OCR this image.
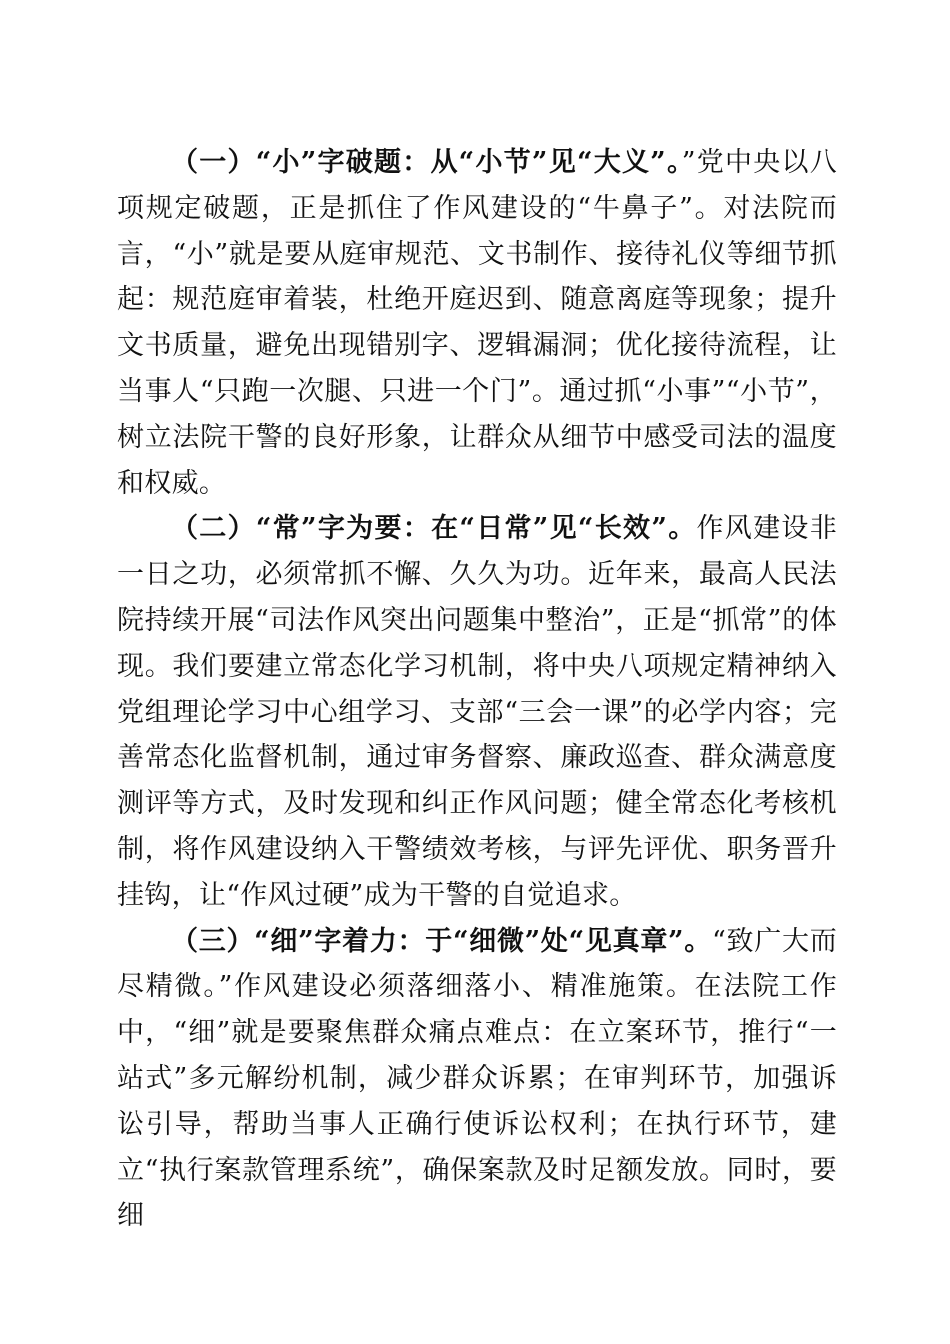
（一）“小”字破题：从“小节”见“大义”。”党中央以八项规定破题，正是抓住了作风建设的“牛鼻子”。对法院而言，“小”就是要从庭审规范、文书制作、接待礼仪等细节抓起：规范庭审着装，杜绝开庭迟到、随意离庭等现象；提升文书质量，避免出现错别字、逻辑漏洞；优化接待流程，让当事人“只跑一次腿、只进一个门”。通过抓“小事”“小节”，树立法院干警的良好形象，让群众从细节中感受司法的温度和权威。

（二）“常”字为要：在“日常”见“长效”。作风建设非一日之功，必须常抓不懈、久久为功。近年来，最高人民法院持续开展“司法作风突出问题集中整治”，正是“抓常”的体现。我们要建立常态化学习机制，将中央八项规定精神纳入党组理论学习中心组学习、支部“三会一课”的必学内容；完善常态化监督机制，通过审务督察、廉政巡查、群众满意度测评等方式，及时发现和纠正作风问题；健全常态化考核机制，将作风建设纳入干警绩效考核，与评先评优、职务晋升挂钩，让“作风过硬”成为干警的自觉追求。

（三）“细”字着力：于“细微”处“见真章”。“致广大而尽精微。”作风建设必须落细落小、精准施策。在法院工作中，“细”就是要聚焦群众痛点难点：在立案环节，推行“一站式”多元解纷机制，减少群众诉累；在审判环节，加强诉讼引导，帮助当事人正确行使诉讼权利；在执行环节，建立“执行案款管理系统”，确保案款及时足额发放。同时，要细
